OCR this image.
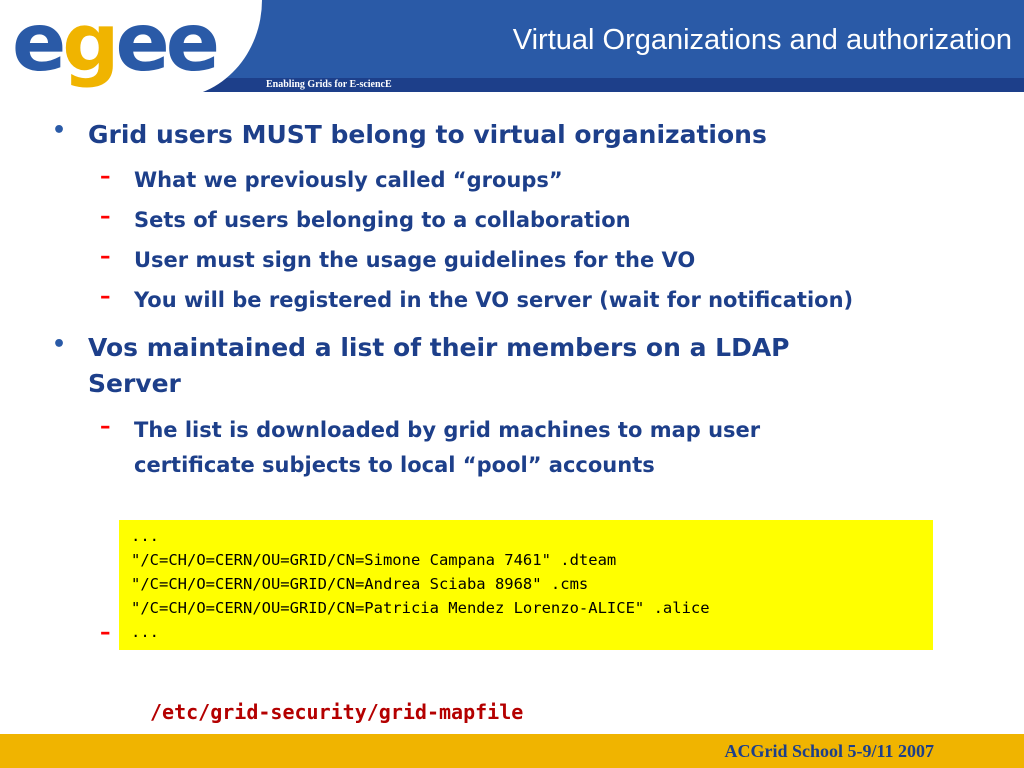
egee	Virtual Organizations and authorization
Enabling Grids for E-sciencE
• Grid users MUST belong to virtual organizations
– What we previously called “groups”
– Sets of users belonging to a collaboration
– User must sign the usage guidelines for the VO
– You will be registered in the VO server (wait for notification)
• Vos maintained a list of their members on a LDAP
Server
– The list is downloaded by grid machines to map user
certificate subjects to local “pool” accounts
–
...
"/C=CH/O=CERN/OU=GRID/CN=Simone Campana 7461" .dteam
"/C=CH/O=CERN/OU=GRID/CN=Andrea Sciaba 8968" .cms
"/C=CH/O=CERN/OU=GRID/CN=Patricia Mendez Lorenzo-ALICE" .alice
...
/etc/grid-security/grid-mapfile
ACGrid School 5-9/11 2007
